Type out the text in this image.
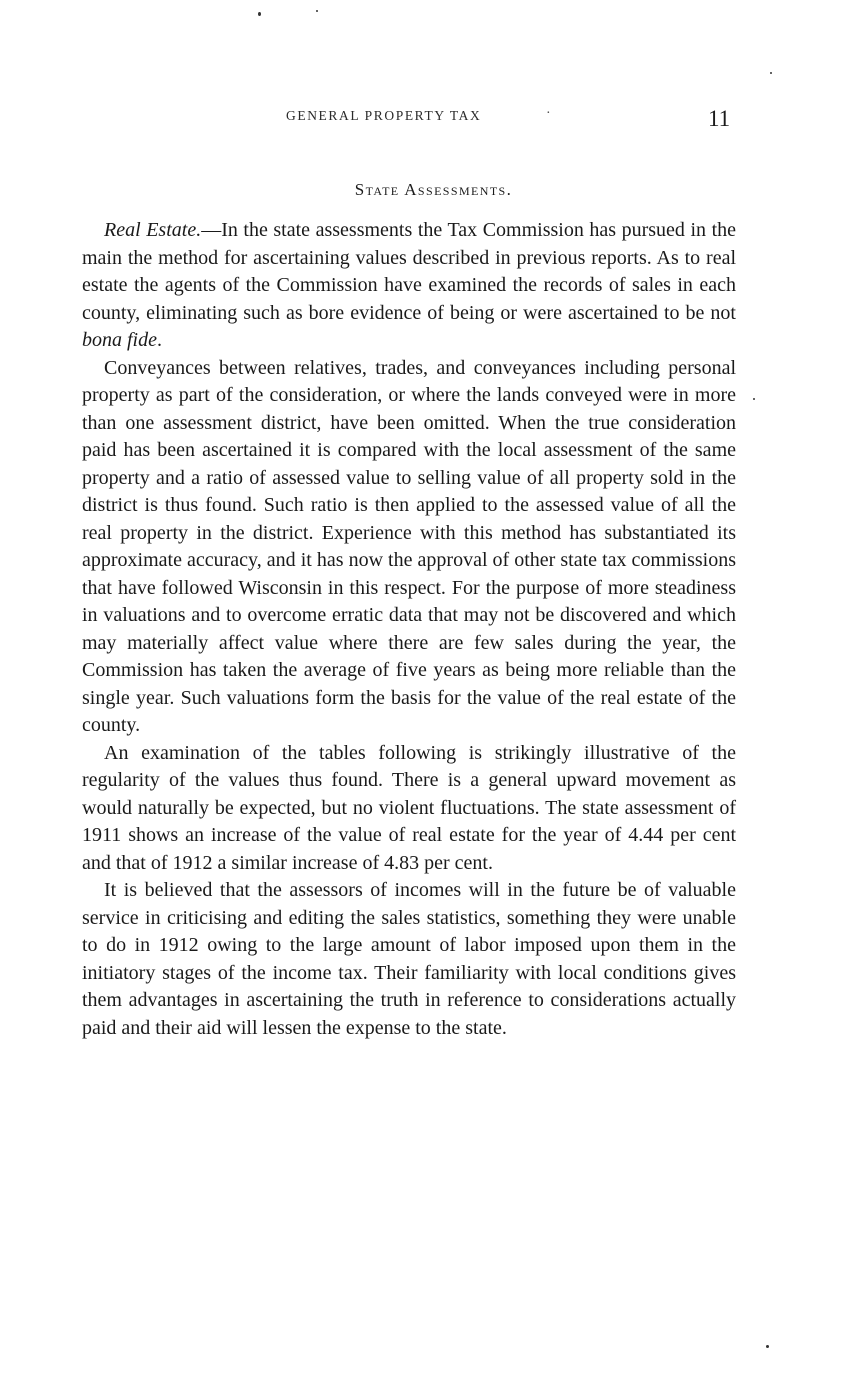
GENERAL PROPERTY TAX	·	11
State Assessments.

Real Estate.—In the state assessments the Tax Commission has pursued in the main the method for ascertaining values described in previous reports. As to real estate the agents of the Commission have examined the records of sales in each county, eliminating such as bore evidence of being or were ascertained to be not bona fide.

Conveyances between relatives, trades, and conveyances including personal property as part of the consideration, or where the lands conveyed were in more than one assessment district, have been omitted. When the true consideration paid has been ascertained it is compared with the local assessment of the same property and a ratio of assessed value to selling value of all property sold in the district is thus found. Such ratio is then applied to the assessed value of all the real property in the district. Experience with this method has substantiated its approximate accuracy, and it has now the approval of other state tax commissions that have followed Wisconsin in this respect. For the purpose of more steadiness in valuations and to overcome erratic data that may not be discovered and which may materially affect value where there are few sales during the year, the Commission has taken the average of five years as being more reliable than the single year. Such valuations form the basis for the value of the real estate of the county.

An examination of the tables following is strikingly illustrative of the regularity of the values thus found. There is a general upward movement as would naturally be expected, but no violent fluctuations. The state assessment of 1911 shows an increase of the value of real estate for the year of 4.44 per cent and that of 1912 a similar increase of 4.83 per cent.

It is believed that the assessors of incomes will in the future be of valuable service in criticising and editing the sales statistics, something they were unable to do in 1912 owing to the large amount of labor imposed upon them in the initiatory stages of the income tax. Their familiarity with local conditions gives them advantages in ascertaining the truth in reference to considerations actually paid and their aid will lessen the expense to the state.
